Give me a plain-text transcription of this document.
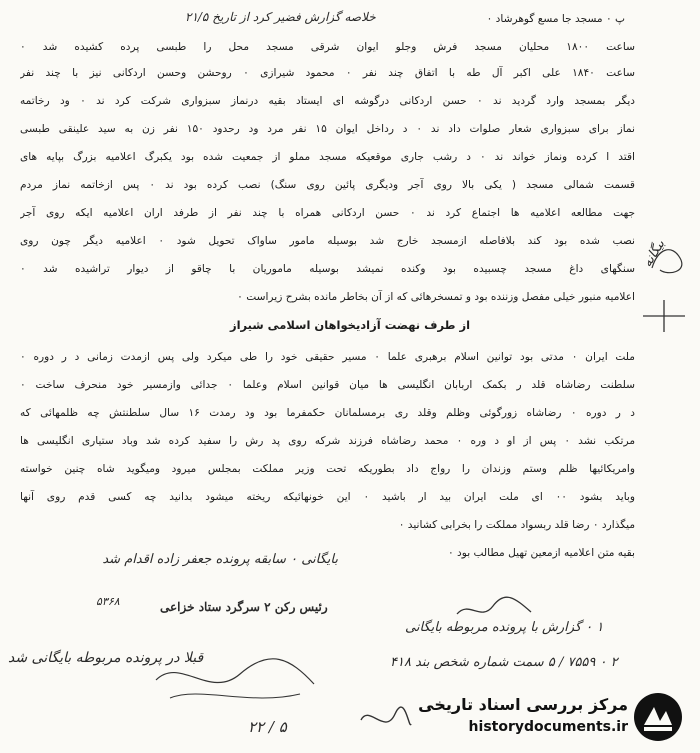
خلاصه گزارش فضیر کرد از تاریخ ۲۱/۵	پ ۰ مسجد جا مسع گوهرشاد ۰
ساعت ۱۸۰۰ محلیان مسجد فرش وجلو ایوان شرقی مسجد محل را طبسی پرده کشیده شد ۰
ساعت ۱۸۴۰ علی اکبر آل طه با اتفاق چند نفر ۰ محمود شیرازی ۰ روحشن وحسن اردکانی نیز با چند نفر
دیگر بمسجد وارد گردید ند ۰ حسن اردکانی درگوشه ای ایستاد بقیه درنماز سبزواری شرکت کرد ند ۰ ود رخاتمه
نماز برای سبزواری شعار صلوات داد ند ۰ د رداخل ایوان ۱۵ نفر مرد ود رحدود ۱۵۰ نفر زن به سید علینقی طبسی
اقتد ا کرده ونماز خواند ند ۰ د رشب جاری موقعیکه مسجد مملو از جمعیت شده بود یکبرگ اعلامیه بزرگ بپایه های
قسمت شمالی مسجد ( یکی بالا روی آجر ودیگری پائین روی سنگ) نصب کرده بود ند ۰ پس ازخاتمه نماز مردم
جهت مطالعه اعلامیه ها اجتماع کرد ند ۰ حسن اردکانی همراه با چند نفر از طرفد اران اعلامیه ایکه روی آجر
نصب شده بود کند بلافاصله ازمسجد خارج شد بوسیله مامور ساواک تحویل شود ۰ اعلامیه دیگر چون روی
سنگهای داغ مسجد چسبیده بود وکنده نمیشد بوسیله ماموریان با چاقو از دیوار تراشیده شد ۰
اعلامیه منبور خیلی مفصل وزننده بود و تمسخرهائی که از آن بخاطر مانده بشرح زیراست ۰
از طرف نهضت آزادیخواهان اسلامی شیراز
ملت ایران ۰ مدتی بود توانین اسلام برهبری علما ۰ مسیر حقیقی خود را طی میکرد ولی پس ازمدت زمانی د ر دوره ۰
سلطنت رضاشاه قلد ر بکمک اربابان انگلیسی ها میان قوانین اسلام وعلما ۰ جدائی وازمسیر خود منحرف ساخت ۰
د ر دوره ۰ رضاشاه زورگوئی وظلم وقلد ری برمسلمانان حکمفرما بود ود رمدت ۱۶ سال سلطنتش چه ظلمهائی که
مرتکب نشد ۰ پس از او د وره ۰ محمد رضاشاه فرزند شرکه روی پد رش را سفید کرده شد وباد ستیاری انگلیسی ها
وامریکائیها ظلم وستم وزندان را رواج داد بطوریکه تحت وزیر مملکت بمجلس میرود ومیگوید شاه چنین خواسته
وباید بشود ۰۰ ای ملت ایران بید ار باشید ۰ این خونهائیکه ریخته میشود بدانید چه کسی قدم روی آنها
میگذارد ۰ رضا قلد ربسواد مملکت را بخرابی کشانید ۰
بقیه متن اعلامیه ازمعین تهیل مطالب بود ۰
بیگانه
بایگانی ۰ سابقه پرونده جعفر زاده اقدام شد
۵۳۶۸	رئیس رکن ۲ سرگرد ستاد خزاعی
۱ ۰ گزارش با پرونده مربوطه بایگانی
۲ ۰ ۷۵۵۹ / ۵ سمت شماره شخص بند ۴۱۸
قبلا در پرونده مربوطه بایگانی شد
۵ / ۲۲
مرکز بررسی اسناد تاریخی
historydocuments.ir
